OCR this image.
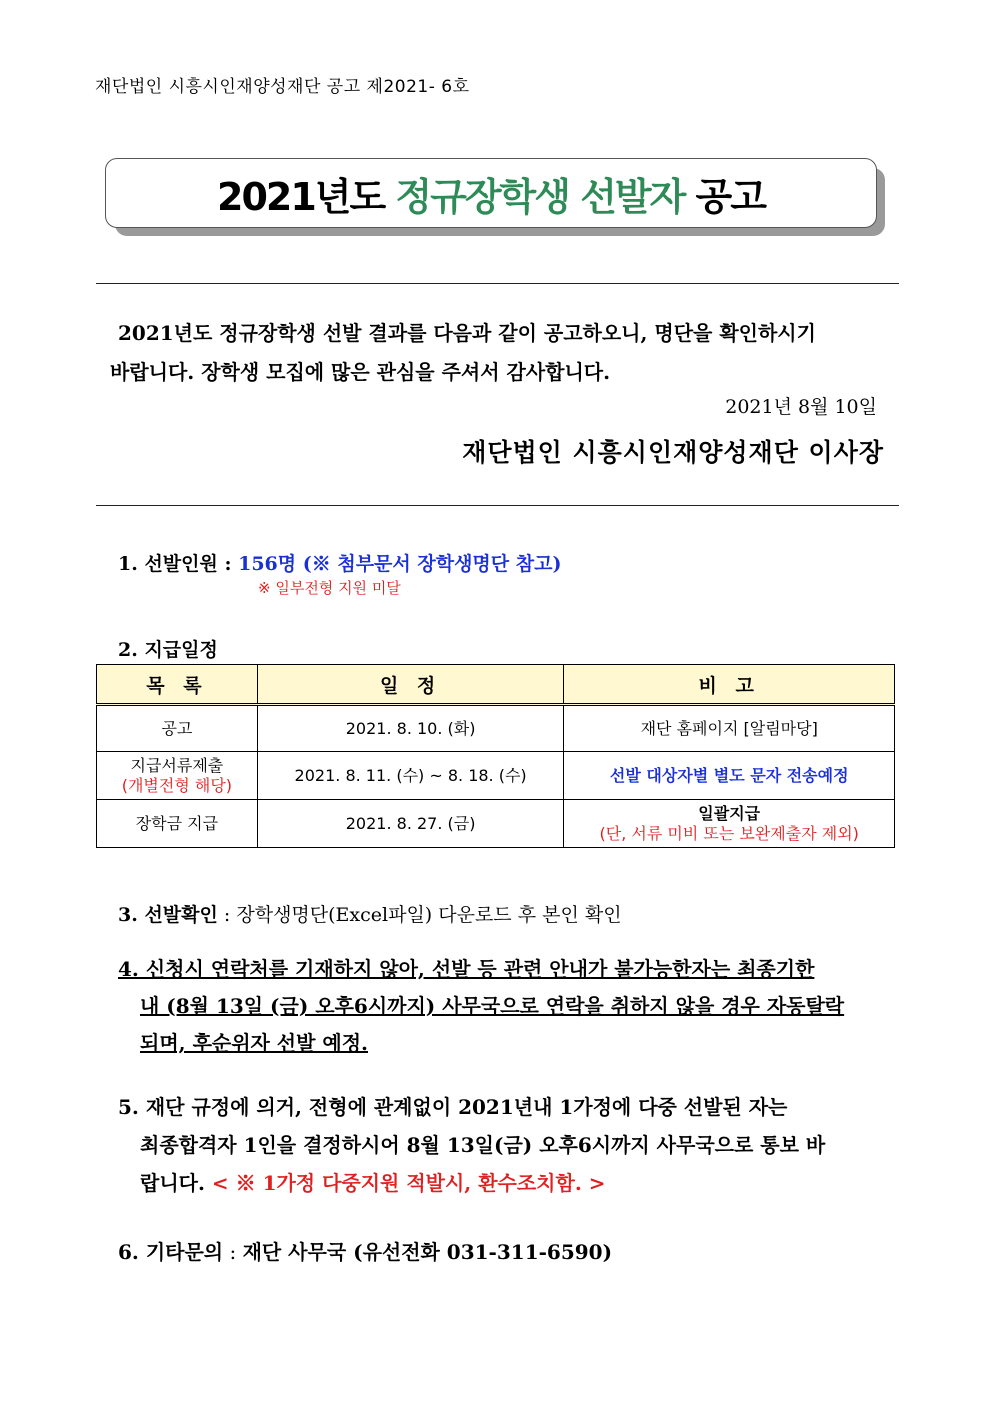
재단법인 시흥시인재양성재단 공고 제2021- 6호
2021년도 정규장학생 선발자 공고
2021년도 정규장학생 선발 결과를 다음과 같이 공고하오니, 명단을 확인하시기
바랍니다. 장학생 모집에 많은 관심을 주셔서 감사합니다.
2021년 8월 10일
재단법인 시흥시인재양성재단 이사장
1. 선발인원 : 156명 (※ 첨부문서 장학생명단 참고)
※ 일부전형 지원 미달
2. 지급일정
목 록	일 정	비 고
공고	2021. 8. 10. (화)	재단 홈페이지 [알림마당]

지급서류제출
(개별전형 해당)	2021. 8. 11. (수) ~ 8. 18. (수)	선발 대상자별 별도 문자 전송예정
장학금 지급	2021. 8. 27. (금)	일괄지급
(단, 서류 미비 또는 보완제출자 제외)
3. 선발확인 : 장학생명단(Excel파일) 다운로드 후 본인 확인
4. 신청시 연락처를 기재하지 않아, 선발 등 관련 안내가 불가능한자는 최종기한
내 (8월 13일 (금) 오후6시까지) 사무국으로 연락을 취하지 않을 경우 자동탈락
되며, 후순위자 선발 예정.
5. 재단 규정에 의거, 전형에 관계없이 2021년내 1가정에 다중 선발된 자는
최종합격자 1인을 결정하시어 8월 13일(금) 오후6시까지 사무국으로 통보 바
랍니다. < ※ 1가정 다중지원 적발시, 환수조치함. >
6. 기타문의 : 재단 사무국 (유선전화 031-311-6590)
